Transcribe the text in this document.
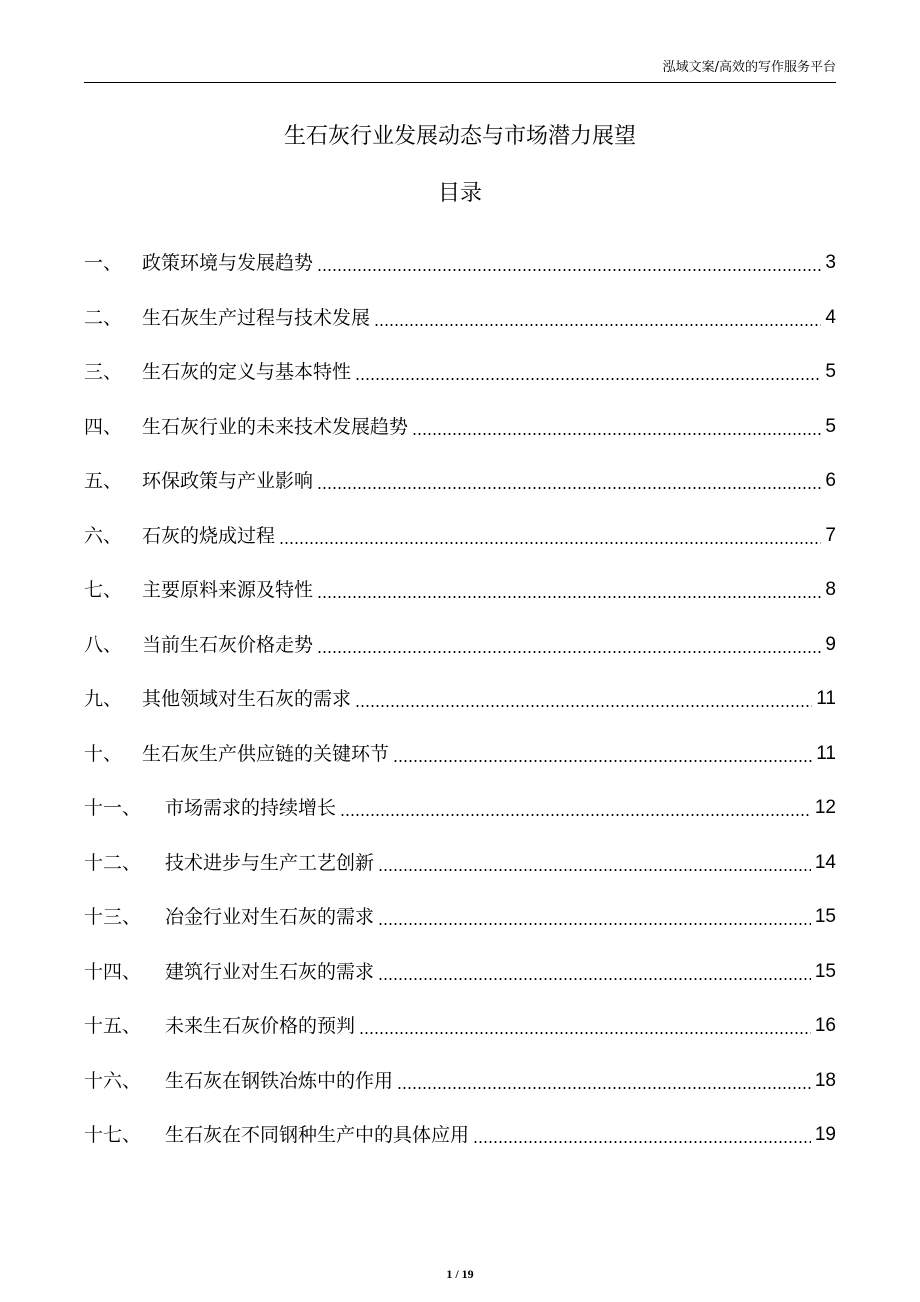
泓域文案/高效的写作服务平台
生石灰行业发展动态与市场潜力展望
目录
一、	政策环境与发展趋势	3
二、	生石灰生产过程与技术发展	4
三、	生石灰的定义与基本特性	5
四、	生石灰行业的未来技术发展趋势	5
五、	环保政策与产业影响	6
六、	石灰的烧成过程	7
七、	主要原料来源及特性	8
八、	当前生石灰价格走势	9
九、	其他领域对生石灰的需求	11
十、	生石灰生产供应链的关键环节	11
十一、	市场需求的持续增长	12
十二、	技术进步与生产工艺创新	14
十三、	冶金行业对生石灰的需求	15
十四、	建筑行业对生石灰的需求	15
十五、	未来生石灰价格的预判	16
十六、	生石灰在钢铁冶炼中的作用	18
十七、	生石灰在不同钢种生产中的具体应用	19
1 / 19
